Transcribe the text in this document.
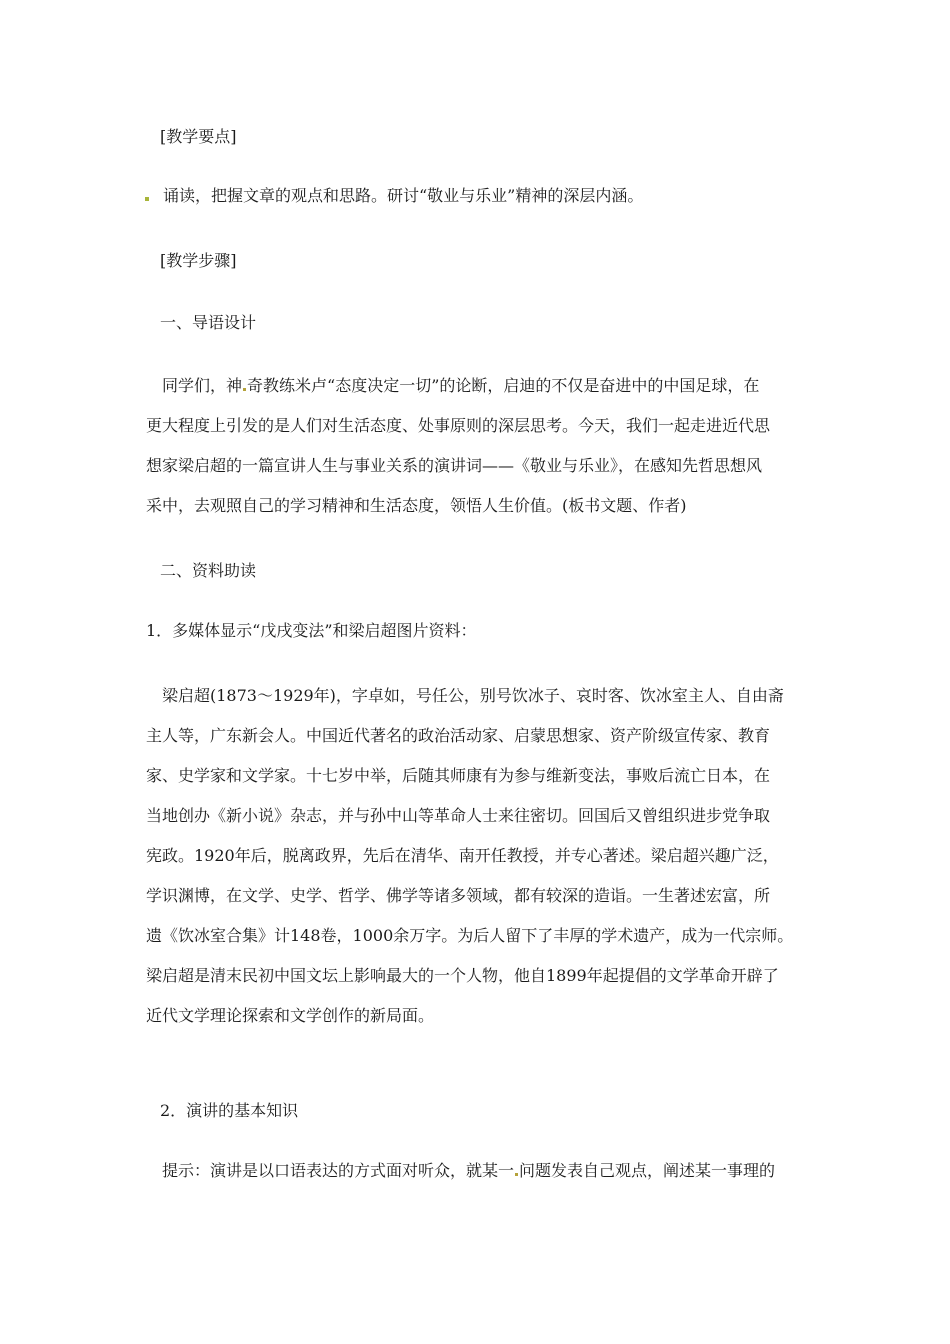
[教学要点]
诵读，把握文章的观点和思路。研讨“敬业与乐业”精神的深层内涵。
[教学步骤]
一、导语设计

同学们，神 奇教练米卢“态度决定一切”的论断，启迪的不仅是奋进中的中国足球，在

更大程度上引发的是人们对生活态度、处事原则的深层思考。今天，我们一起走进近代思

想家梁启超的一篇宣讲人生与事业关系的演讲词——《敬业与乐业》，在感知先哲思想风

采中，去观照自己的学习精神和生活态度，领悟人生价值。(板书文题、作者)

二、资料助读
1．多媒体显示“戊戌变法”和梁启超图片资料：

梁启超(1873～1929年)，字卓如，号任公，别号饮冰子、哀时客、饮冰室主人、自由斋

主人等，广东新会人。中国近代著名的政治活动家、启蒙思想家、资产阶级宣传家、教育

家、史学家和文学家。十七岁中举，后随其师康有为参与维新变法，事败后流亡日本，在

当地创办《新小说》杂志，并与孙中山等革命人士来往密切。回国后又曾组织进步党争取

宪政。1920年后，脱离政界，先后在清华、南开任教授，并专心著述。梁启超兴趣广泛，

学识渊博，在文学、史学、哲学、佛学等诸多领域，都有较深的造诣。一生著述宏富，所

遗《饮冰室合集》计148卷，1000余万字。为后人留下了丰厚的学术遗产，成为一代宗师。

梁启超是清末民初中国文坛上影响最大的一个人物，他自1899年起提倡的文学革命开辟了

近代文学理论探索和文学创作的新局面。

2．演讲的基本知识
提示：演讲是以口语表达的方式面对听众，就某一 问题发表自己观点，阐述某一事理的
